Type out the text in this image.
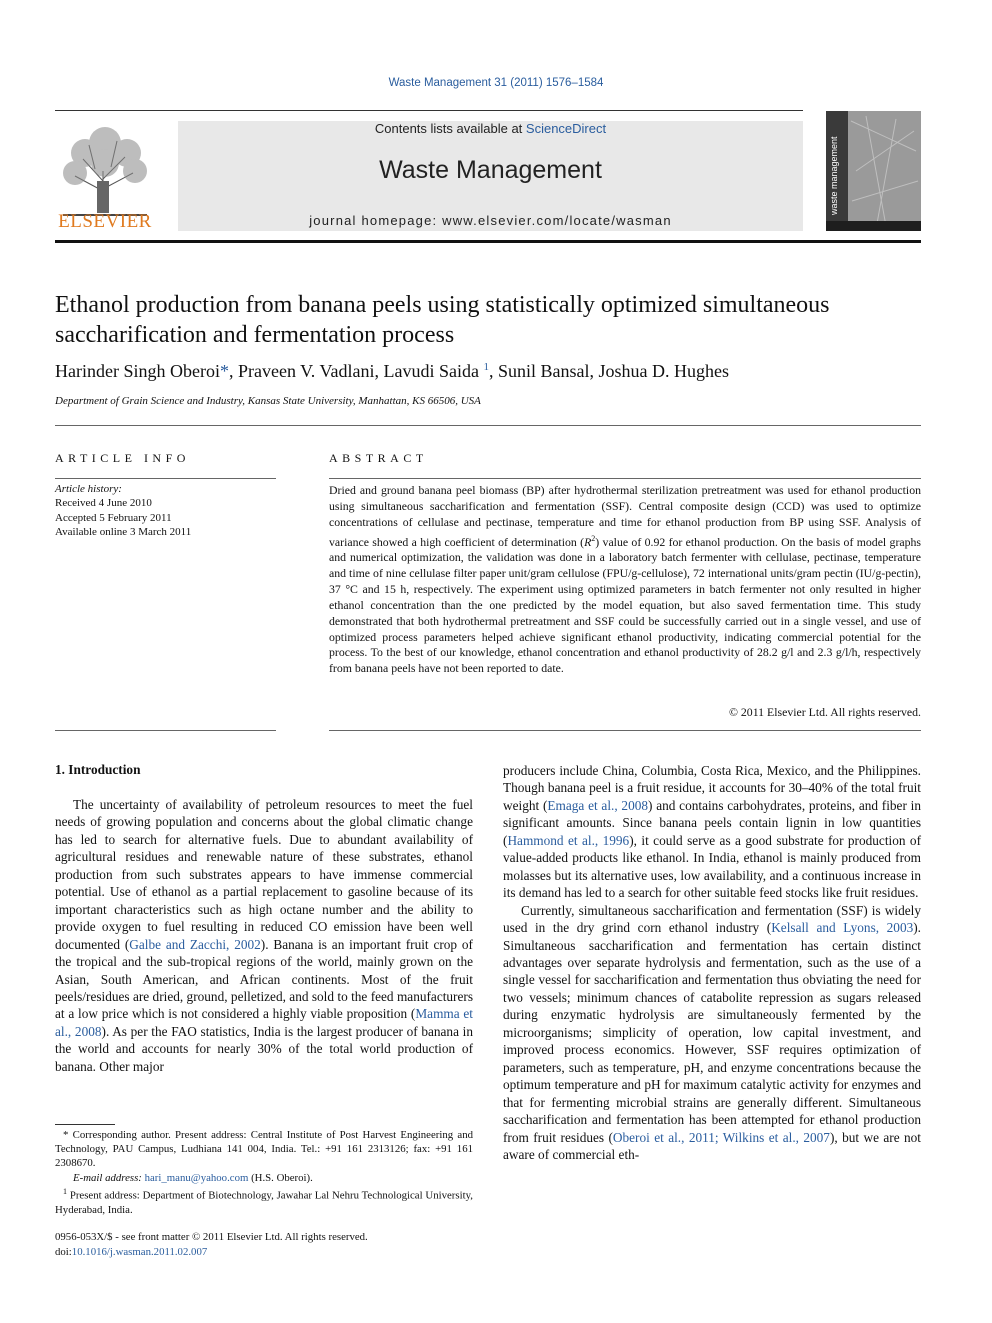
Waste Management 31 (2011) 1576–1584
ELSEVIER
Contents lists available at ScienceDirect
Waste Management
journal homepage: www.elsevier.com/locate/wasman
waste management
Ethanol production from banana peels using statistically optimized simultaneous saccharification and fermentation process
Harinder Singh Oberoi*, Praveen V. Vadlani, Lavudi Saida $^1$, Sunil Bansal, Joshua D. Hughes
Department of Grain Science and Industry, Kansas State University, Manhattan, KS 66506, USA
ARTICLE INFO	ABSTRACT
Article history:
Received 4 June 2010
Accepted 5 February 2011
Available online 3 March 2011

Dried and ground banana peel biomass (BP) after hydrothermal sterilization pretreatment was used for ethanol production using simultaneous saccharification and fermentation (SSF). Central composite design (CCD) was used to optimize concentrations of cellulase and pectinase, temperature and time for ethanol production from BP using SSF. Analysis of variance showed a high coefficient of determination $(R^2)$ value of 0.92 for ethanol production. On the basis of model graphs and numerical optimization, the validation was done in a laboratory batch fermenter with cellulase, pectinase, temperature and time of nine cellulase filter paper unit/gram cellulose (FPU/g-cellulose), 72 international units/gram pectin (IU/g-pectin), 37 °C and 15 h, respectively. The experiment using optimized parameters in batch fermenter not only resulted in higher ethanol concentration than the one predicted by the model equation, but also saved fermentation time. This study demonstrated that both hydrothermal pretreatment and SSF could be successfully carried out in a single vessel, and use of optimized process parameters helped achieve significant ethanol productivity, indicating commercial potential for the process. To the best of our knowledge, ethanol concentration and ethanol productivity of 28.2 g/l and 2.3 g/l/h, respectively from banana peels have not been reported to date.

© 2011 Elsevier Ltd. All rights reserved.
1. Introduction

The uncertainty of availability of petroleum resources to meet the fuel needs of growing population and concerns about the global climatic change has led to search for alternative fuels. Due to abundant availability of agricultural residues and renewable nature of these substrates, ethanol production from such substrates appears to have immense commercial potential. Use of ethanol as a partial replacement to gasoline because of its important characteristics such as high octane number and the ability to provide oxygen to fuel resulting in reduced CO emission have been well documented (Galbe and Zacchi, 2002). Banana is an important fruit crop of the tropical and the sub-tropical regions of the world, mainly grown on the Asian, South American, and African continents. Most of the fruit peels/residues are dried, ground, pelletized, and sold to the feed manufacturers at a low price which is not considered a highly viable proposition (Mamma et al., 2008). As per the FAO statistics, India is the largest producer of banana in the world and accounts for nearly 30% of the total world production of banana. Other major

producers include China, Columbia, Costa Rica, Mexico, and the Philippines. Though banana peel is a fruit residue, it accounts for 30–40% of the total fruit weight (Emaga et al., 2008) and contains carbohydrates, proteins, and fiber in significant amounts. Since banana peels contain lignin in low quantities (Hammond et al., 1996), it could serve as a good substrate for production of value-added products like ethanol. In India, ethanol is mainly produced from molasses but its alternative uses, low availability, and a continuous increase in its demand has led to a search for other suitable feed stocks like fruit residues.

Currently, simultaneous saccharification and fermentation (SSF) is widely used in the dry grind corn ethanol industry (Kelsall and Lyons, 2003). Simultaneous saccharification and fermentation has certain distinct advantages over separate hydrolysis and fermentation, such as the use of a single vessel for saccharification and fermentation thus obviating the need for two vessels; minimum chances of catabolite repression as sugars released during enzymatic hydrolysis are simultaneously fermented by the microorganisms; simplicity of operation, low capital investment, and improved process economics. However, SSF requires optimization of parameters, such as temperature, pH, and enzyme concentrations because the optimum temperature and pH for maximum catalytic activity for enzymes and that for fermenting microbial strains are generally different. Simultaneous saccharification and fermentation has been attempted for ethanol production from fruit residues (Oberoi et al., 2011; Wilkins et al., 2007), but we are not aware of commercial eth-

* Corresponding author. Present address: Central Institute of Post Harvest Engineering and Technology, PAU Campus, Ludhiana 141 004, India. Tel.: +91 161 2313126; fax: +91 161 2308670.

E-mail address: hari_manu@yahoo.com (H.S. Oberoi).

$^1$ Present address: Department of Biotechnology, Jawahar Lal Nehru Technological University, Hyderabad, India.

0956-053X/$ - see front matter © 2011 Elsevier Ltd. All rights reserved.
doi:10.1016/j.wasman.2011.02.007
